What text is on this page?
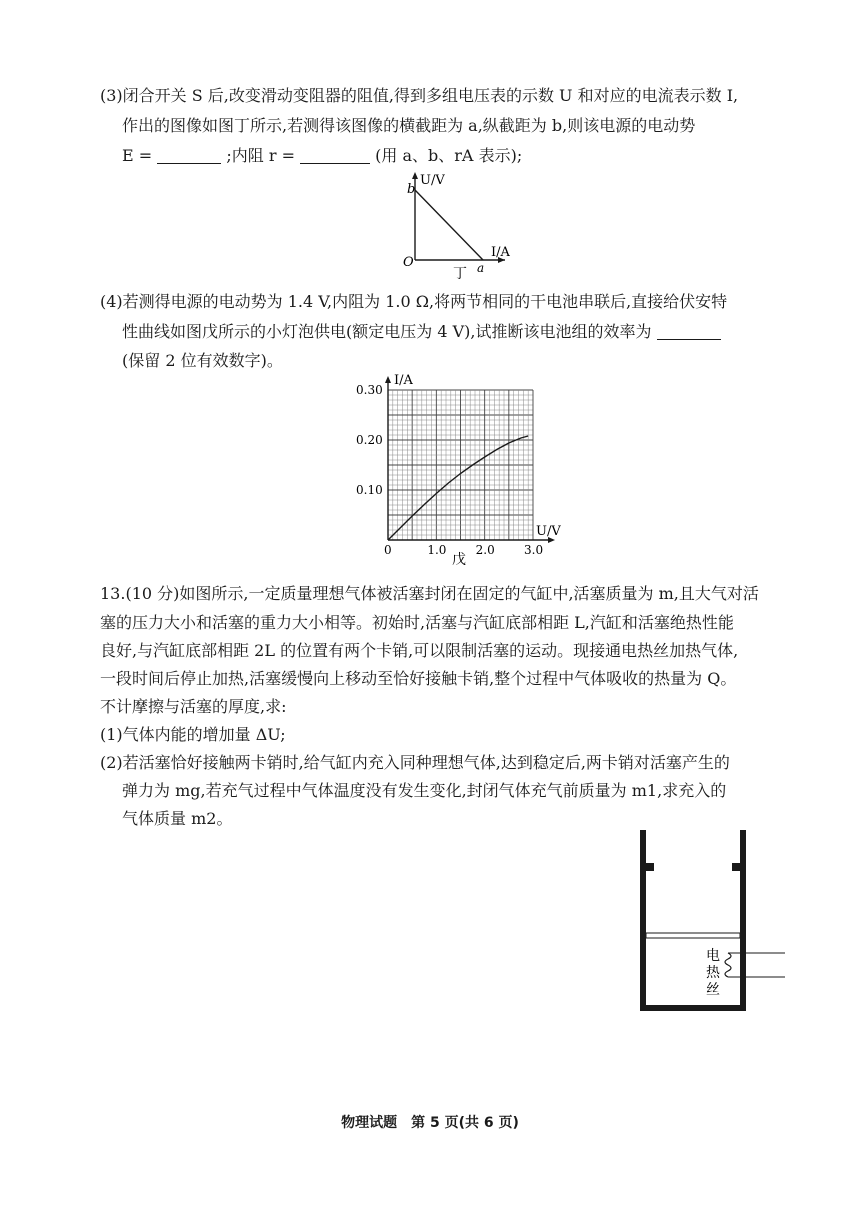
(3)闭合开关 S 后,改变滑动变阻器的阻值,得到多组电压表的示数 U 和对应的电流表示数 I,

作出的图像如图丁所示,若测得该图像的横截距为 a,纵截距为 b,则该电源的电动势

E =	;内阻 r =	(用 a、b、rA 表示);

U/V
I/A
O
b
a
丁

(4)若测得电源的电动势为 1.4 V,内阻为 1.0 Ω,将两节相同的干电池串联后,直接给伏安特

性曲线如图戊所示的小灯泡供电(额定电压为 4 V),试推断该电池组的效率为

(保留 2 位有效数字)。

0	1.0 2.0 3.0
0.10
0.20
0.30
I/A
U/V
戊

13.(10 分)如图所示,一定质量理想气体被活塞封闭在固定的气缸中,活塞质量为 m,且大气对活

塞的压力大小和活塞的重力大小相等。初始时,活塞与汽缸底部相距 L,汽缸和活塞绝热性能

良好,与汽缸底部相距 2L 的位置有两个卡销,可以限制活塞的运动。现接通电热丝加热气体,

一段时间后停止加热,活塞缓慢向上移动至恰好接触卡销,整个过程中气体吸收的热量为 Q。

不计摩擦与活塞的厚度,求:

(1)气体内能的增加量 ΔU;

(2)若活塞恰好接触两卡销时,给气缸内充入同种理想气体,达到稳定后,两卡销对活塞产生的

弹力为 mg,若充气过程中气体温度没有发生变化,封闭气体充气前质量为 m1,求充入的

气体质量 m2。

电
热
丝
物理试题　第 5 页(共 6 页)
